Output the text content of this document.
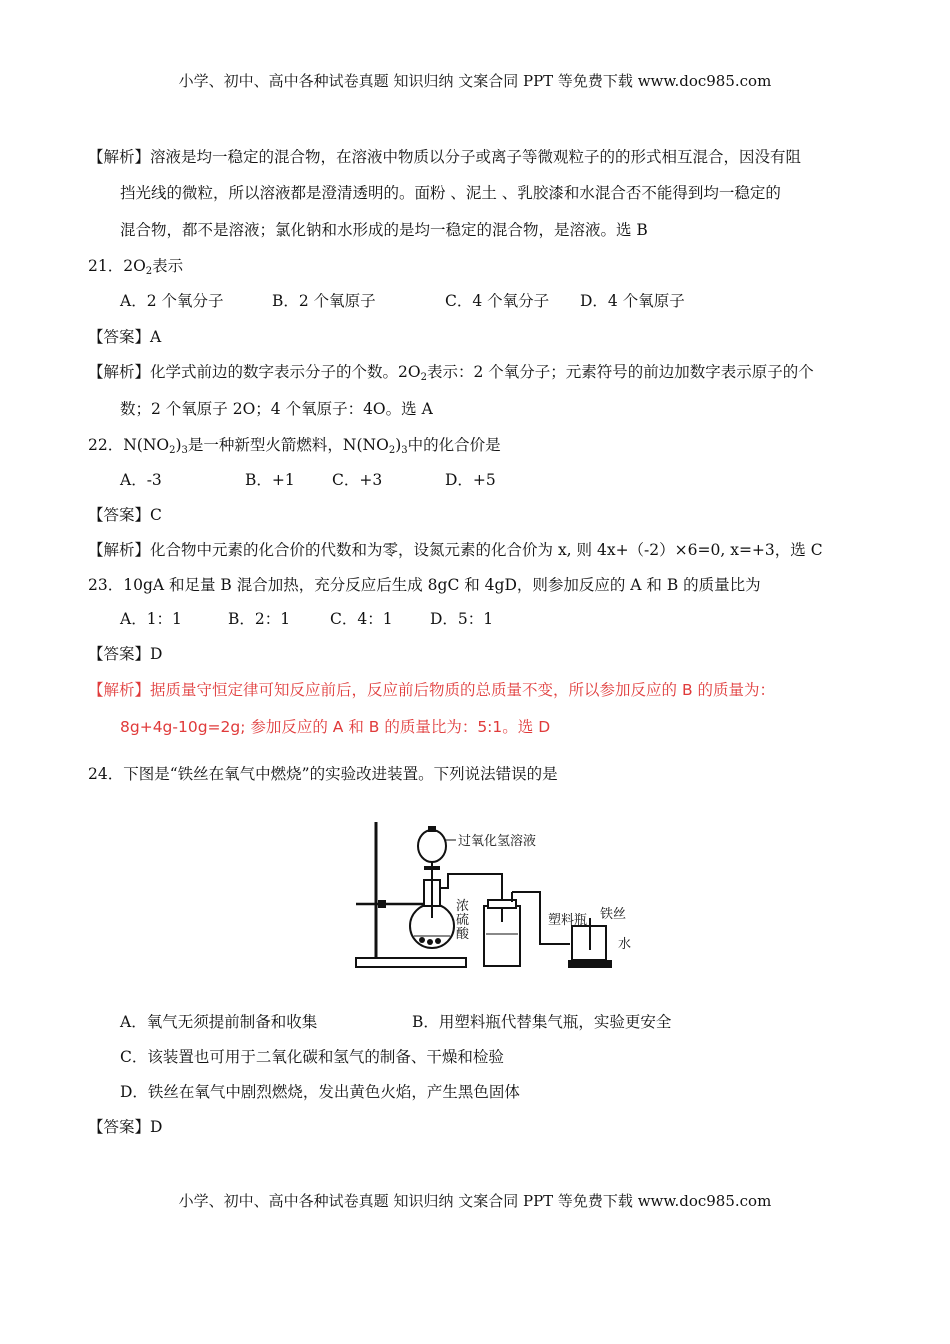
小学、初中、高中各种试卷真题 知识归纳 文案合同 PPT 等免费下载 www.doc985.com
【解析】溶液是均一稳定的混合物，在溶液中物质以分子或离子等微观粒子的的形式相互混合，因没有阻
挡光线的微粒，所以溶液都是澄清透明的。面粉 、泥土 、乳胶漆和水混合否不能得到均一稳定的
混合物，都不是溶液；氯化钠和水形成的是均一稳定的混合物，是溶液。选 B
21．$2O_2$表示
A．2 个氧分子	B．2 个氧原子	C．4 个氧分子 D．4 个氧原子
【答案】A
【解析】化学式前边的数字表示分子的个数。$2O_2$表示：2 个氧分子；元素符号的前边加数字表示原子的个
数；2 个氧原子 2O；4 个氧原子：4O。选 A
22．$N(NO_2)_3$是一种新型火箭燃料，$N(NO_2)_3$中的化合价是
A．-3	B．+1 C．+3	D．+5
【答案】C
【解析】化合物中元素的化合价的代数和为零，设氮元素的化合价为 x, 则 4x+（-2）×6=0, x=+3，选 C
23．10gA 和足量 B 混合加热，充分反应后生成 8gC 和 4gD，则参加反应的 A 和 B 的质量比为
A．1：1	B．2：1	C．4：1 D．5：1
【答案】D
【解析】据质量守恒定律可知反应前后，反应前后物质的总质量不变，所以参加反应的 B 的质量为：
8g+4g-10g=2g; 参加反应的 A 和 B 的质量比为：5:1。选 D
24．下图是“铁丝在氧气中燃烧”的实验改进装置。下列说法错误的是
过氧化氢溶液
浓
硫
酸
塑料瓶 铁丝
水
A．氧气无须提前制备和收集	B．用塑料瓶代替集气瓶，实验更安全
C．该装置也可用于二氧化碳和氢气的制备、干燥和检验
D．铁丝在氧气中剧烈燃烧，发出黄色火焰，产生黑色固体
【答案】D
小学、初中、高中各种试卷真题 知识归纳 文案合同 PPT 等免费下载 www.doc985.com
